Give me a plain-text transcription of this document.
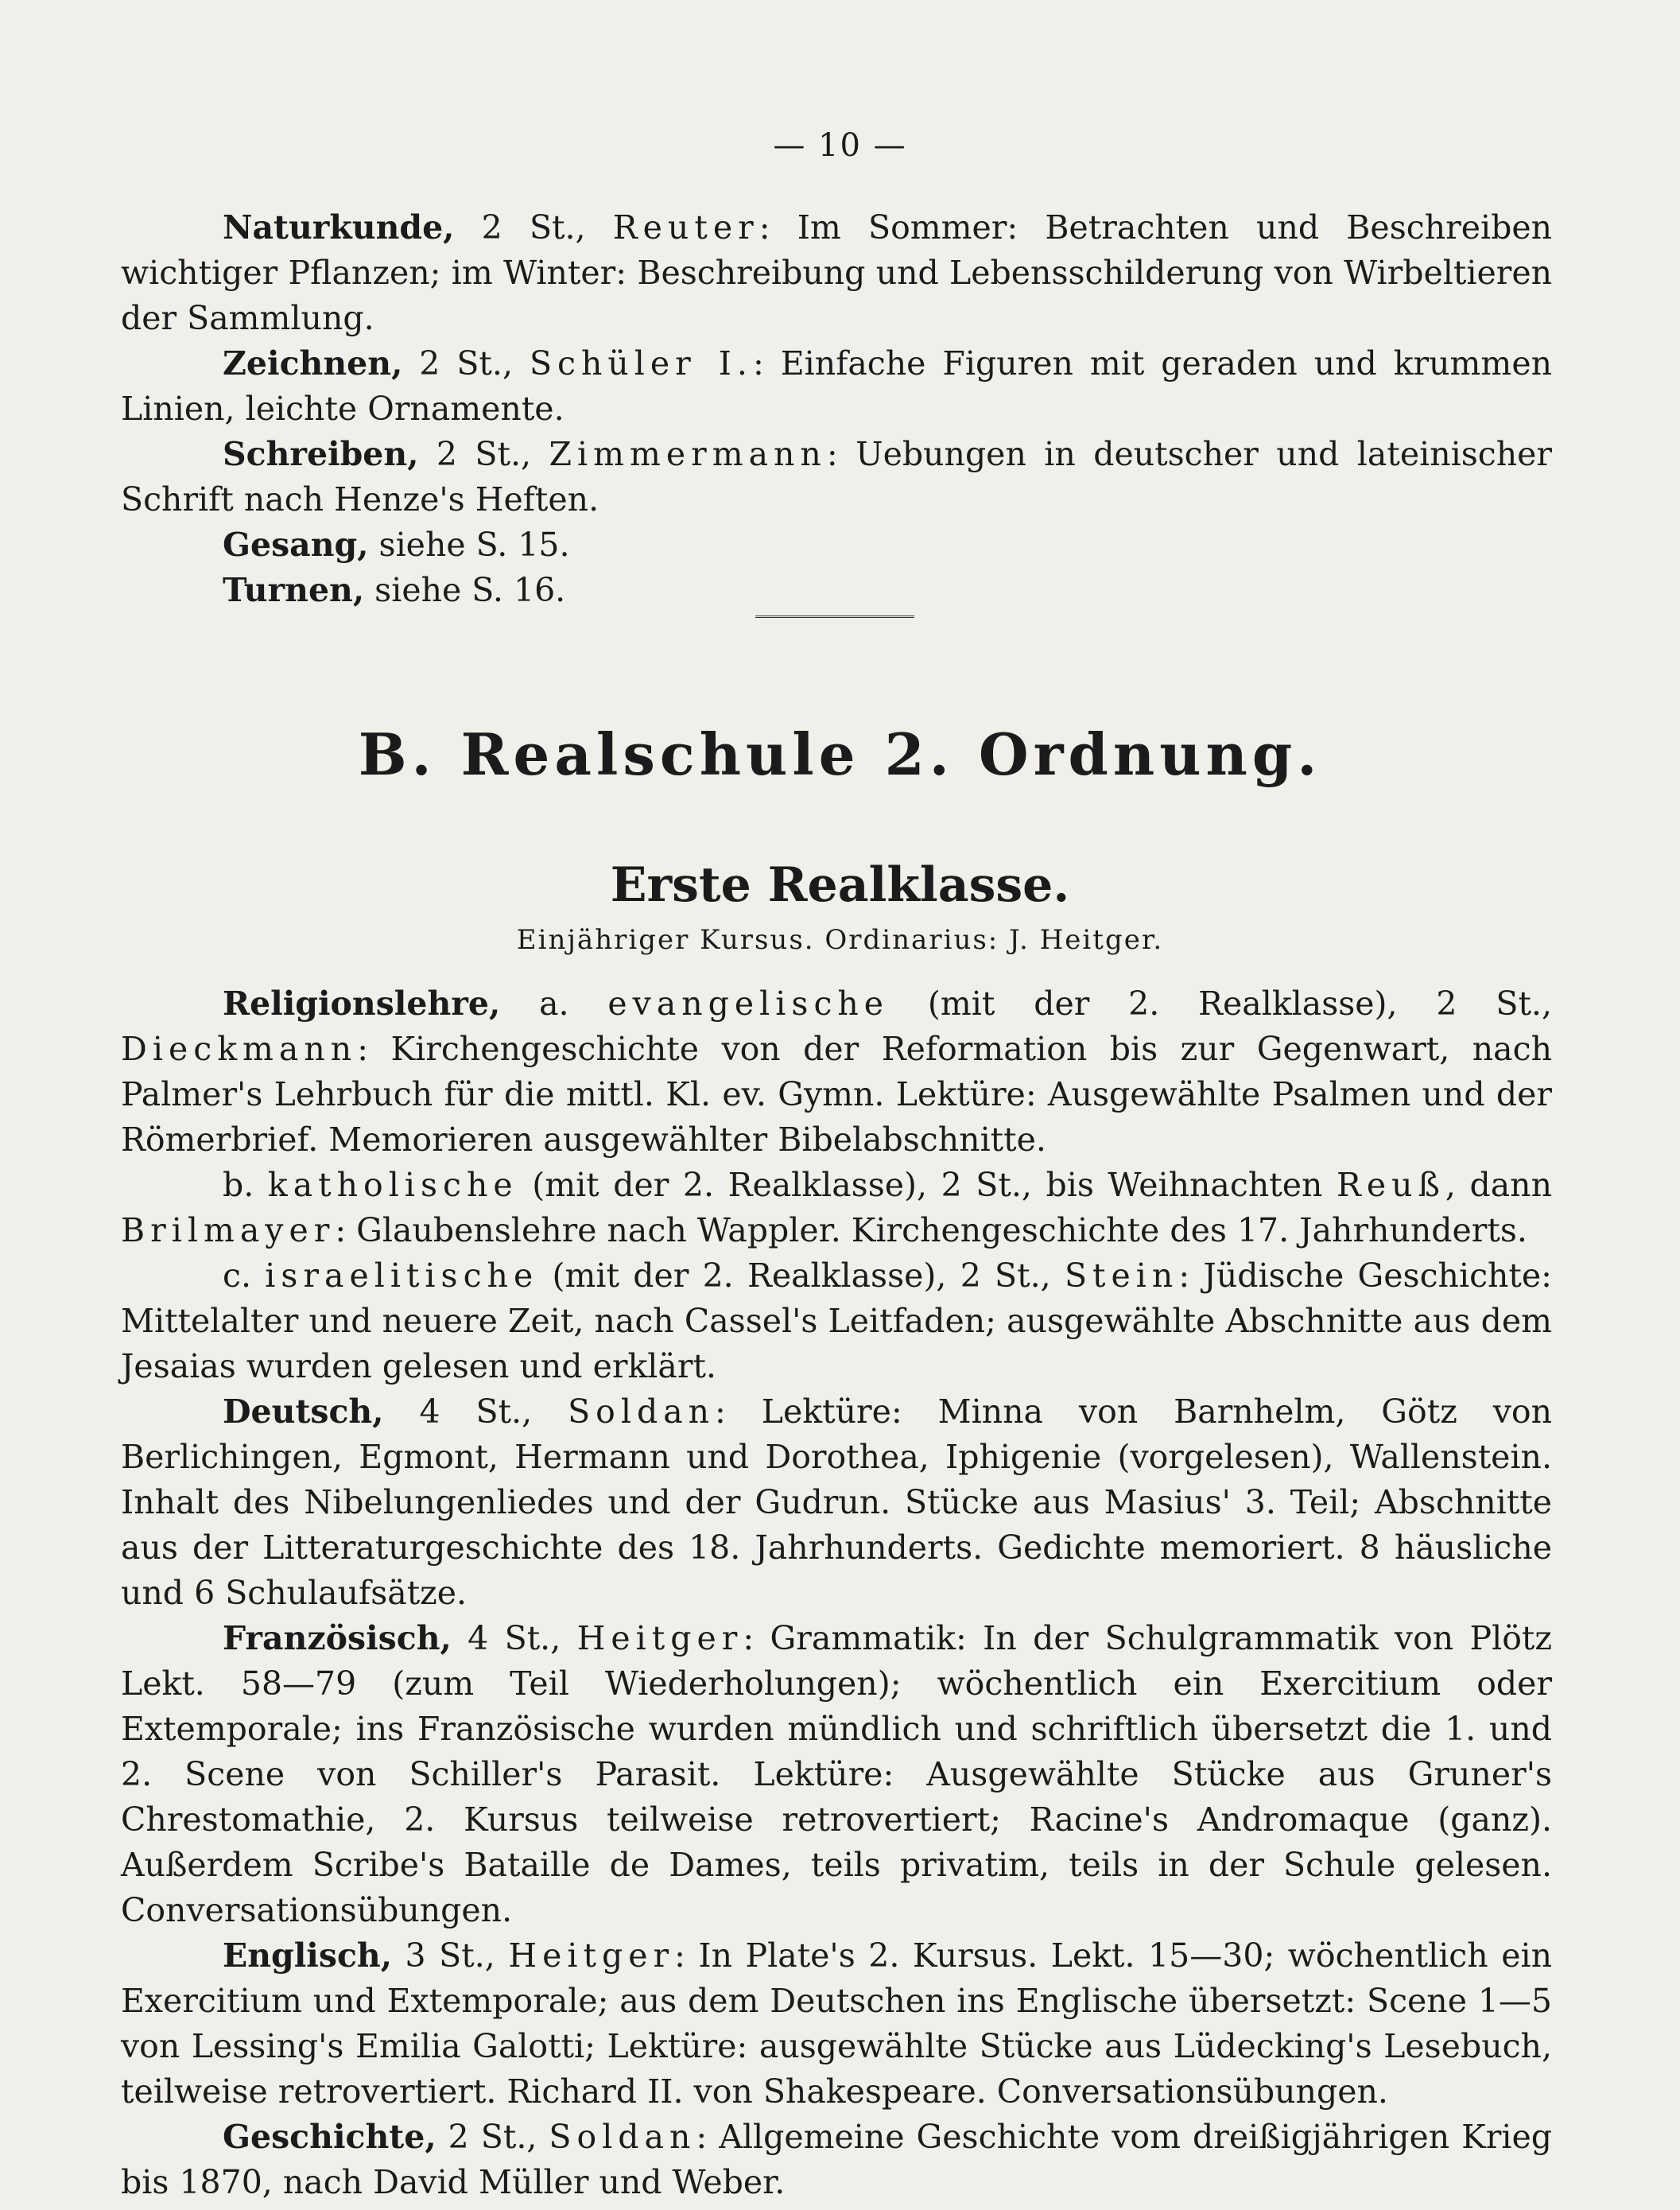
— 10 —

Naturkunde, 2 St., Reuter: Im Sommer: Betrachten und Beschreiben wichtiger Pflanzen; im Winter: Beschreibung und Lebensschilderung von Wirbeltieren der Sammlung.

Zeichnen, 2 St., Schüler I.: Einfache Figuren mit geraden und krummen Linien, leichte Ornamente.

Schreiben, 2 St., Zimmermann: Uebungen in deutscher und lateinischer Schrift nach Henze's Heften.

Gesang, siehe S. 15.

Turnen, siehe S. 16.

B. Realschule 2. Ordnung.
Erste Realklasse.
Einjähriger Kursus. Ordinarius: J. Heitger.

Religionslehre, a. evangelische (mit der 2. Realklasse), 2 St., Dieckmann: Kirchengeschichte von der Reformation bis zur Gegenwart, nach Palmer's Lehrbuch für die mittl. Kl. ev. Gymn. Lektüre: Ausgewählte Psalmen und der Römerbrief. Memorieren ausgewählter Bibelabschnitte.

b. katholische (mit der 2. Realklasse), 2 St., bis Weihnachten Reuß, dann Brilmayer: Glaubenslehre nach Wappler. Kirchengeschichte des 17. Jahrhunderts.

c. israelitische (mit der 2. Realklasse), 2 St., Stein: Jüdische Geschichte: Mittelalter und neuere Zeit, nach Cassel's Leitfaden; ausgewählte Abschnitte aus dem Jesaias wurden gelesen und erklärt.

Deutsch, 4 St., Soldan: Lektüre: Minna von Barnhelm, Götz von Berlichingen, Egmont, Hermann und Dorothea, Iphigenie (vorgelesen), Wallenstein. Inhalt des Nibelungenliedes und der Gudrun. Stücke aus Masius' 3. Teil; Abschnitte aus der Litteraturgeschichte des 18. Jahrhunderts. Gedichte memoriert. 8 häusliche und 6 Schulaufsätze.

Französisch, 4 St., Heitger: Grammatik: In der Schulgrammatik von Plötz Lekt. 58—79 (zum Teil Wiederholungen); wöchentlich ein Exercitium oder Extemporale; ins Französische wurden mündlich und schriftlich übersetzt die 1. und 2. Scene von Schiller's Parasit. Lektüre: Ausgewählte Stücke aus Gruner's Chrestomathie, 2. Kursus teilweise retrovertiert; Racine's Andromaque (ganz). Außerdem Scribe's Bataille de Dames, teils privatim, teils in der Schule gelesen. Conversationsübungen.

Englisch, 3 St., Heitger: In Plate's 2. Kursus. Lekt. 15—30; wöchentlich ein Exercitium und Extemporale; aus dem Deutschen ins Englische übersetzt: Scene 1—5 von Lessing's Emilia Galotti; Lektüre: ausgewählte Stücke aus Lüdecking's Lesebuch, teilweise retrovertiert. Richard II. von Shakespeare. Conversationsübungen.

Geschichte, 2 St., Soldan: Allgemeine Geschichte vom dreißigjährigen Krieg bis 1870, nach David Müller und Weber.
